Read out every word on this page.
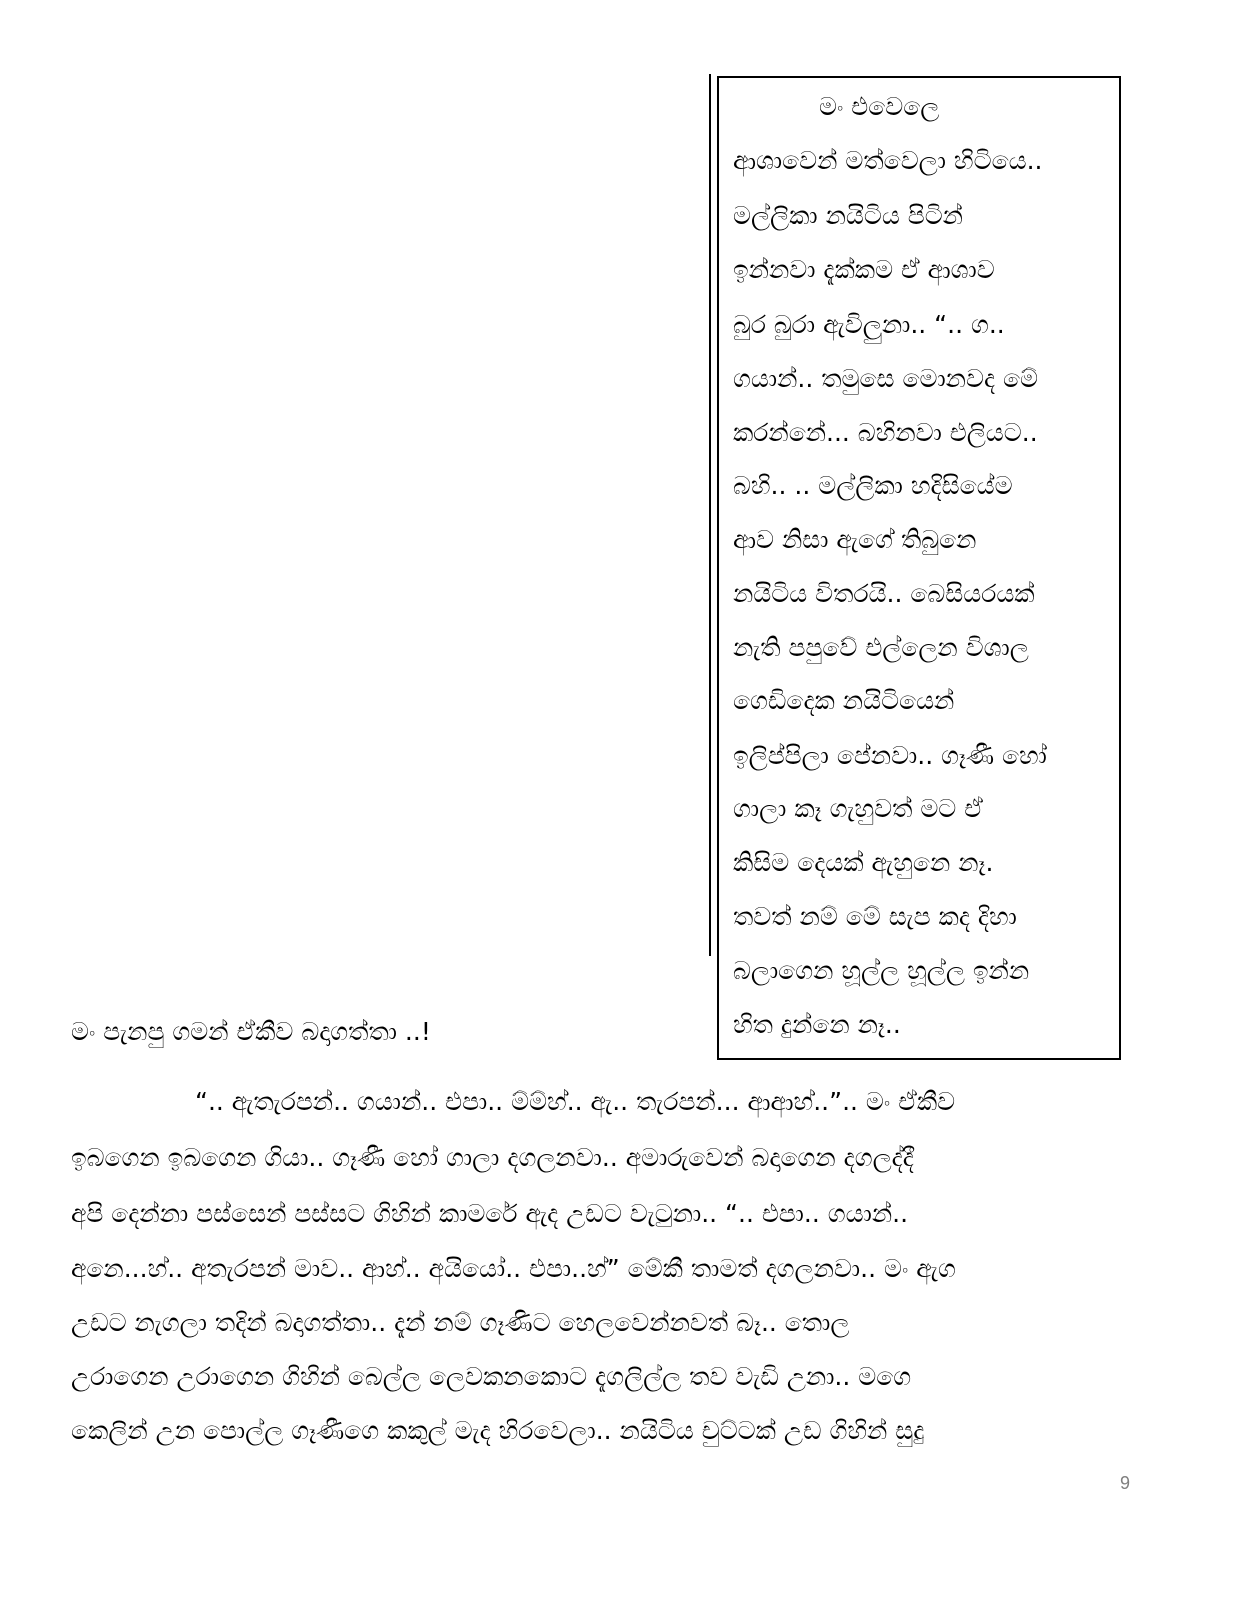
මං එවෙලෙ
ආශාවෙන් මත්වෙලා හිටියෙ..
මල්ලිකා නයිටිය පිටින්
ඉන්නවා දැක්කම ඒ ආශාව
බුර බුරා ඇවිලුනා.. “.. ග..
ගයාන්.. තමුසෙ මොනවද මේ
කරන්නේ... බහිනවා එලියට..
බහි.. .. මල්ලිකා හදිසියේම
ආව නිසා ඇගේ තිබුනෙ
නයිටිය විතරයි.. බෙසියරයක්
නැති පපුවේ එල්ලෙන විශාල
ගෙඩිදෙක නයිටියෙන්
ඉලිප්පිලා පේනවා.. ගෑණී හෝ
ගාලා කෑ ගැහුවත් මට ඒ
කිසිම දෙයක් ඇහුනෙ නෑ.
තවත් නම් මේ සැප කද දිහා
බලාගෙන හූල්ල හූල්ල ඉන්න
හිත දුන්නෙ නෑ..
මං පැනපු ගමන් ඒකීව බදාගත්තා ..!
“.. ඇතැරපන්.. ගයාන්.. එපා.. ම්ම්හ්.. ඇ.. තැරපන්... ආආහ්..”.. මං ඒකීව
ඉබගෙන ඉබගෙන ගියා.. ගෑණී හෝ ගාලා දගලනවා.. අමාරුවෙන් බදාගෙන දගලද්දී
අපි දෙන්නා පස්සෙන් පස්සට ගිහින් කාමරේ ඇද උඩට වැටුනා.. “.. එපා.. ගයාන්..
අනෙ...හ්.. අතැරපන් මාව.. ආහ්.. අයියෝ.. එපා..හ්” මේකී තාමත් දගලනවා.. මං ඇග
උඩට නැගලා තදින් බදාගත්තා.. දැන් නම් ගෑණිට හෙලවෙන්නවත් බෑ.. තොල
උරාගෙන උරාගෙන ගිහින් බෙල්ල ලෙවකනකොට දැගලිල්ල තව වැඩි උනා.. මගෙ
කෙලින් උන පොල්ල ගෑණීගෙ කකුල් මැද හිරවෙලා.. නයිටිය චුට්ටක් උඩ ගිහින් සුදු
9
